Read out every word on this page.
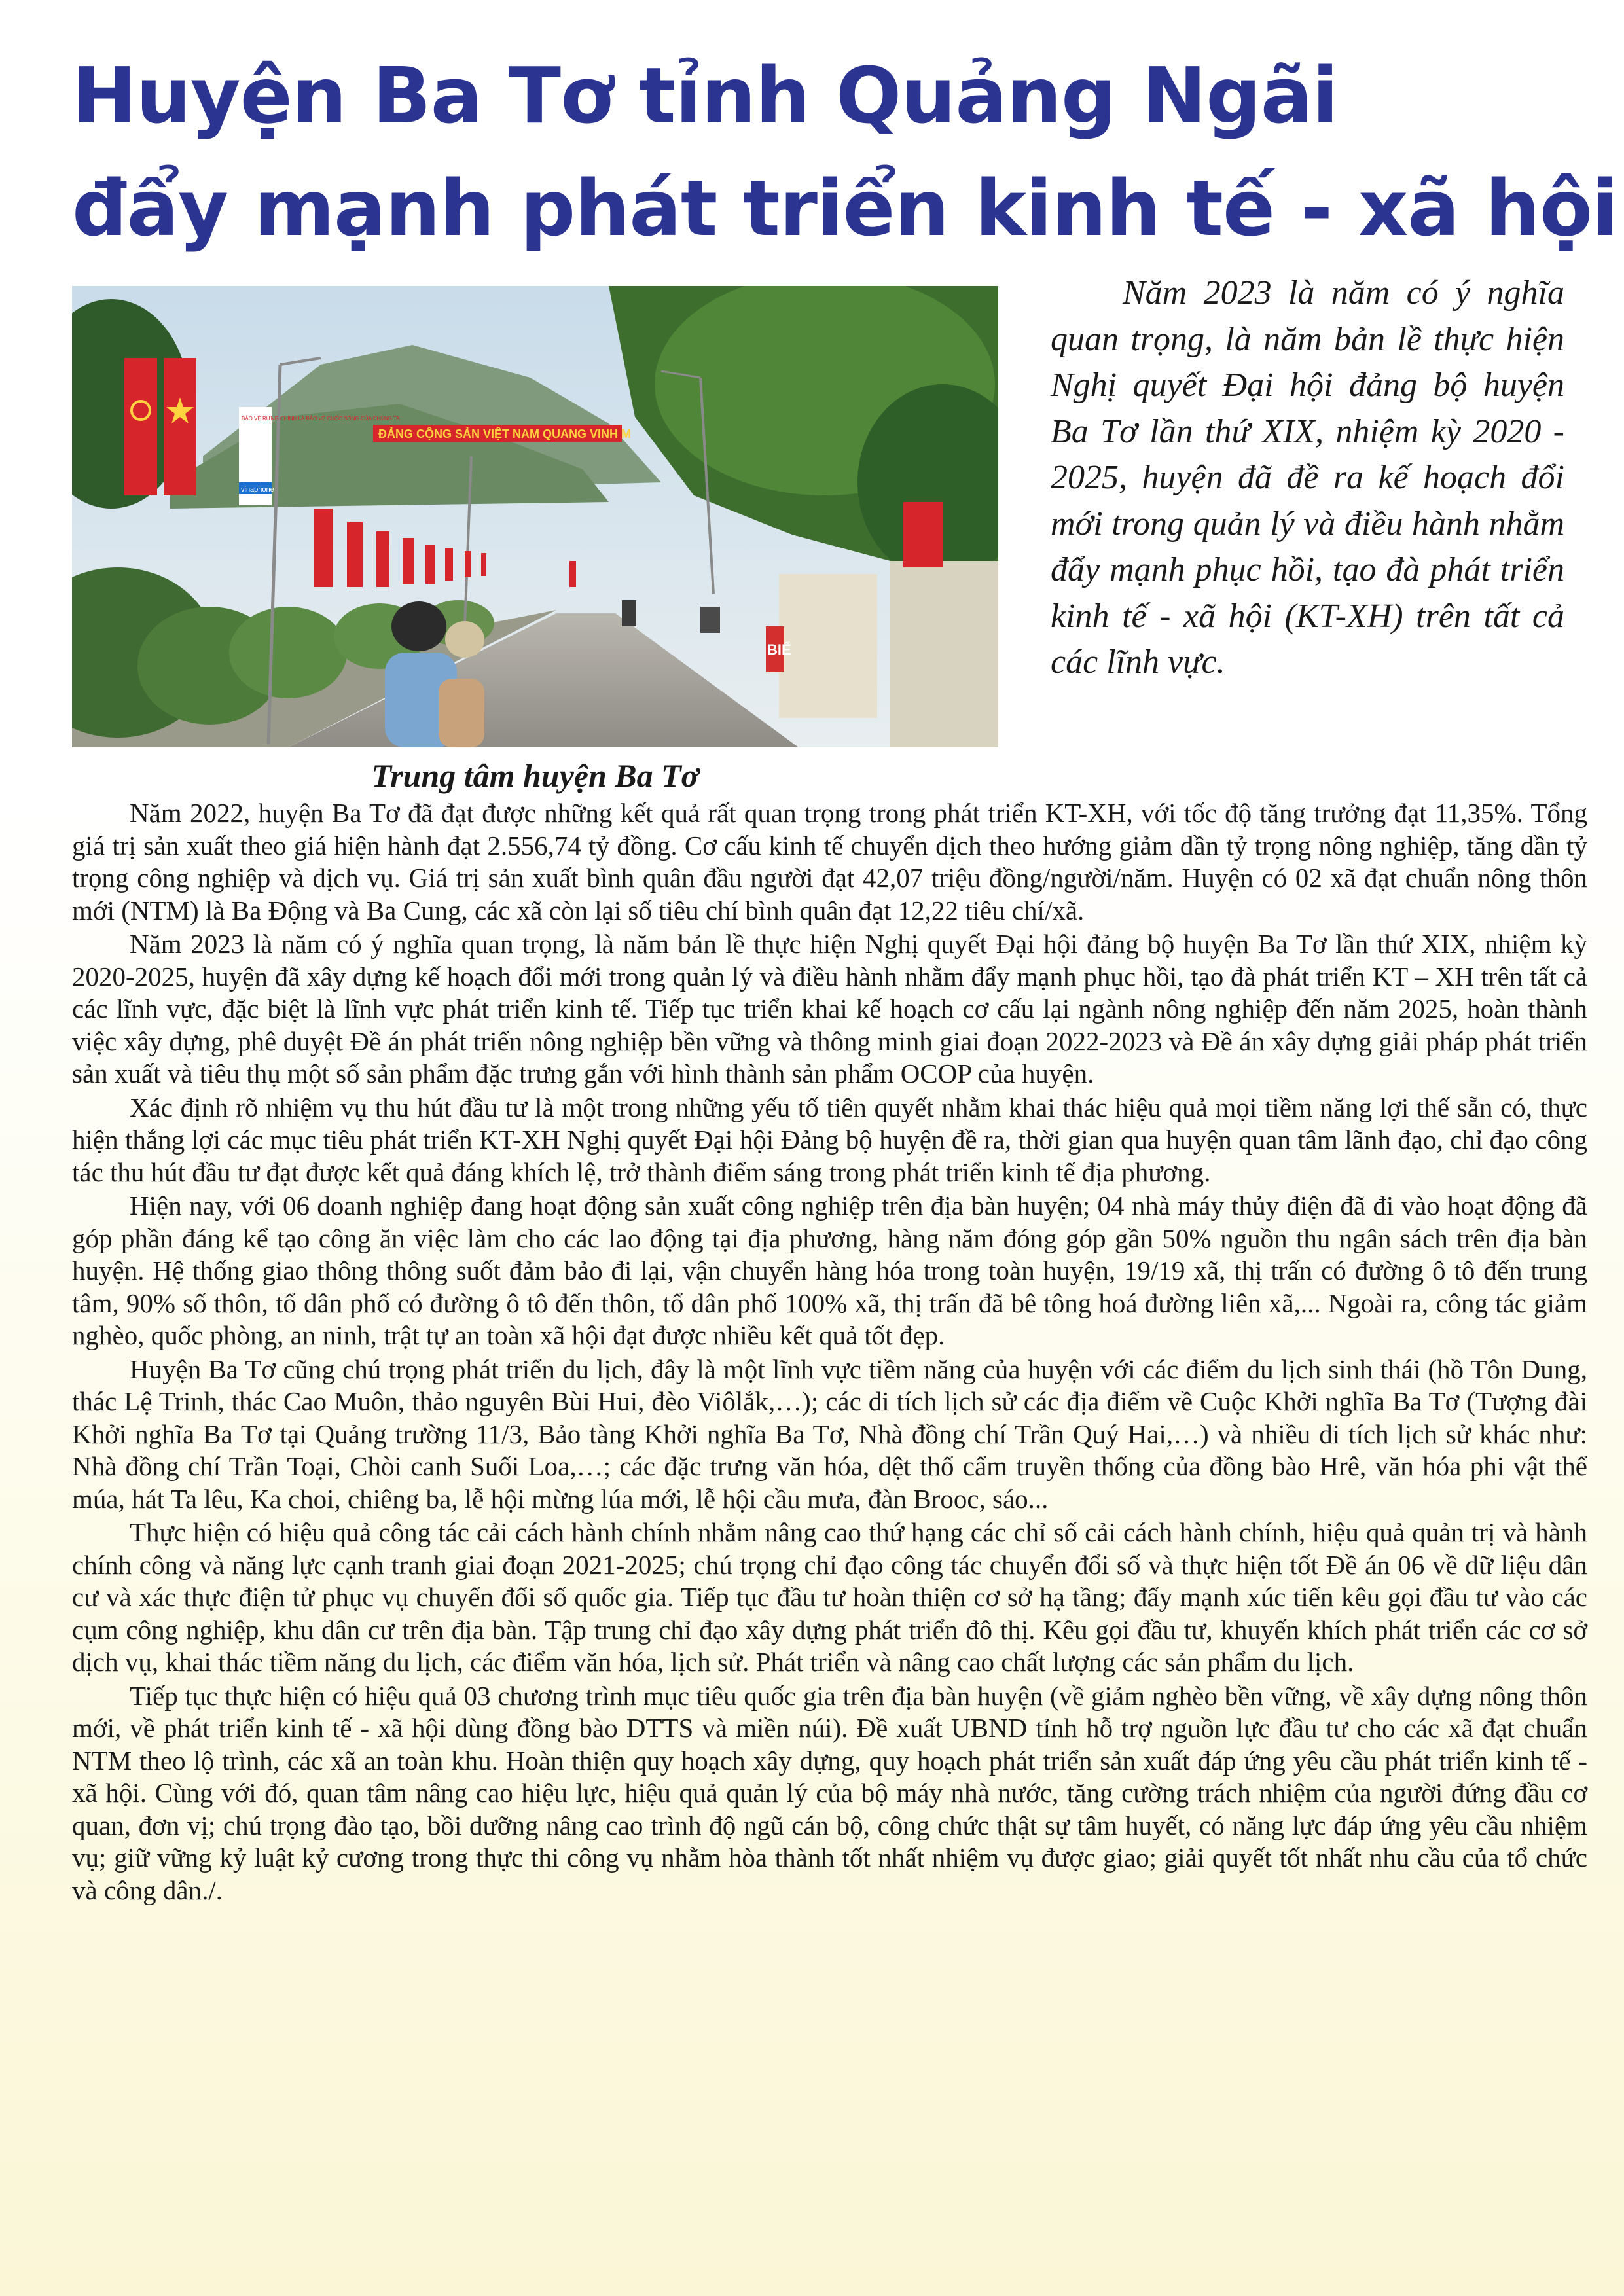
Huyện Ba Tơ tỉnh Quảng Ngãi
đẩy mạnh phát triển kinh tế - xã hội
BIỂ
ĐẢNG CỘNG SẢN VIỆT NAM QUANG VINH M
BẢO VỆ RỪNG CHÍNH LÀ BẢO VỆ CUỘC SỐNG CỦA CHÚNG TA
vinaphone
Trung tâm huyện Ba Tơ

Năm 2023 là năm có ý nghĩa quan trọng, là năm bản lề thực hiện Nghị quyết Đại hội đảng bộ huyện Ba Tơ lần thứ XIX, nhiệm kỳ 2020 - 2025, huyện đã đề ra kế hoạch đổi mới trong quản lý và điều hành nhằm đẩy mạnh phục hồi, tạo đà phát triển kinh tế - xã hội (KT-XH) trên tất cả các lĩnh vực.

Năm 2022, huyện Ba Tơ đã đạt được những kết quả rất quan trọng trong phát triển KT-XH, với tốc độ tăng trưởng đạt 11,35%. Tổng giá trị sản xuất theo giá hiện hành đạt 2.556,74 tỷ đồng. Cơ cấu kinh tế chuyển dịch theo hướng giảm dần tỷ trọng nông nghiệp, tăng dần tỷ trọng công nghiệp và dịch vụ. Giá trị sản xuất bình quân đầu người đạt 42,07 triệu đồng/người/năm. Huyện có 02 xã đạt chuẩn nông thôn mới (NTM) là Ba Động và Ba Cung, các xã còn lại số tiêu chí bình quân đạt 12,22 tiêu chí/xã.

Năm 2023 là năm có ý nghĩa quan trọng, là năm bản lề thực hiện Nghị quyết Đại hội đảng bộ huyện Ba Tơ lần thứ XIX, nhiệm kỳ 2020-2025, huyện đã xây dựng kế hoạch đổi mới trong quản lý và điều hành nhằm đẩy mạnh phục hồi, tạo đà phát triển KT – XH trên tất cả các lĩnh vực, đặc biệt là lĩnh vực phát triển kinh tế. Tiếp tục triển khai kế hoạch cơ cấu lại ngành nông nghiệp đến năm 2025, hoàn thành việc xây dựng, phê duyệt Đề án phát triển nông nghiệp bền vững và thông minh giai đoạn 2022-2023 và Đề án xây dựng giải pháp phát triển sản xuất và tiêu thụ một số sản phẩm đặc trưng gắn với hình thành sản phẩm OCOP của huyện.

Xác định rõ nhiệm vụ thu hút đầu tư là một trong những yếu tố tiên quyết nhằm khai thác hiệu quả mọi tiềm năng lợi thế sẵn có, thực hiện thắng lợi các mục tiêu phát triển KT-XH Nghị quyết Đại hội Đảng bộ huyện đề ra, thời gian qua huyện quan tâm lãnh đạo, chỉ đạo công tác thu hút đầu tư đạt được kết quả đáng khích lệ, trở thành điểm sáng trong phát triển kinh tế địa phương.

Hiện nay, với 06 doanh nghiệp đang hoạt động sản xuất công nghiệp trên địa bàn huyện; 04 nhà máy thủy điện đã đi vào hoạt động đã góp phần đáng kể tạo công ăn việc làm cho các lao động tại địa phương, hàng năm đóng góp gần 50% nguồn thu ngân sách trên địa bàn huyện. Hệ thống giao thông thông suốt đảm bảo đi lại, vận chuyển hàng hóa trong toàn huyện, 19/19 xã, thị trấn có đường ô tô đến trung tâm, 90% số thôn, tổ dân phố có đường ô tô đến thôn, tổ dân phố 100% xã, thị trấn đã bê tông hoá đường liên xã,... Ngoài ra, công tác giảm nghèo, quốc phòng, an ninh, trật tự an toàn xã hội đạt được nhiều kết quả tốt đẹp.

Huyện Ba Tơ cũng chú trọng phát triển du lịch, đây là một lĩnh vực tiềm năng của huyện với các điểm du lịch sinh thái (hồ Tôn Dung, thác Lệ Trinh, thác Cao Muôn, thảo nguyên Bùi Hui, đèo Viôlắk,…); các di tích lịch sử các địa điểm về Cuộc Khởi nghĩa Ba Tơ (Tượng đài Khởi nghĩa Ba Tơ tại Quảng trường 11/3, Bảo tàng Khởi nghĩa Ba Tơ, Nhà đồng chí Trần Quý Hai,…) và nhiều di tích lịch sử khác như: Nhà đồng chí Trần Toại, Chòi canh Suối Loa,…; các đặc trưng văn hóa, dệt thổ cẩm truyền thống của đồng bào Hrê, văn hóa phi vật thể múa, hát Ta lêu, Ka choi, chiêng ba, lễ hội mừng lúa mới, lễ hội cầu mưa, đàn Brooc, sáo...

Thực hiện có hiệu quả công tác cải cách hành chính nhằm nâng cao thứ hạng các chỉ số cải cách hành chính, hiệu quả quản trị và hành chính công và năng lực cạnh tranh giai đoạn 2021-2025; chú trọng chỉ đạo công tác chuyển đổi số và thực hiện tốt Đề án 06 về dữ liệu dân cư và xác thực điện tử phục vụ chuyển đổi số quốc gia. Tiếp tục đầu tư hoàn thiện cơ sở hạ tầng; đẩy mạnh xúc tiến kêu gọi đầu tư vào các cụm công nghiệp, khu dân cư trên địa bàn. Tập trung chỉ đạo xây dựng phát triển đô thị. Kêu gọi đầu tư, khuyến khích phát triển các cơ sở dịch vụ, khai thác tiềm năng du lịch, các điểm văn hóa, lịch sử. Phát triển và nâng cao chất lượng các sản phẩm du lịch.

Tiếp tục thực hiện có hiệu quả 03 chương trình mục tiêu quốc gia trên địa bàn huyện (về giảm nghèo bền vững, về xây dựng nông thôn mới, về phát triển kinh tế - xã hội dùng đồng bào DTTS và miền núi). Đề xuất UBND tỉnh hỗ trợ nguồn lực đầu tư cho các xã đạt chuẩn NTM theo lộ trình, các xã an toàn khu. Hoàn thiện quy hoạch xây dựng, quy hoạch phát triển sản xuất đáp ứng yêu cầu phát triển kinh tế - xã hội. Cùng với đó, quan tâm nâng cao hiệu lực, hiệu quả quản lý của bộ máy nhà nước, tăng cường trách nhiệm của người đứng đầu cơ quan, đơn vị; chú trọng đào tạo, bồi dưỡng nâng cao trình độ ngũ cán bộ, công chức thật sự tâm huyết, có năng lực đáp ứng yêu cầu nhiệm vụ; giữ vững kỷ luật kỷ cương trong thực thi công vụ nhằm hòa thành tốt nhất nhiệm vụ được giao; giải quyết tốt nhất nhu cầu của tổ chức và công dân./.
